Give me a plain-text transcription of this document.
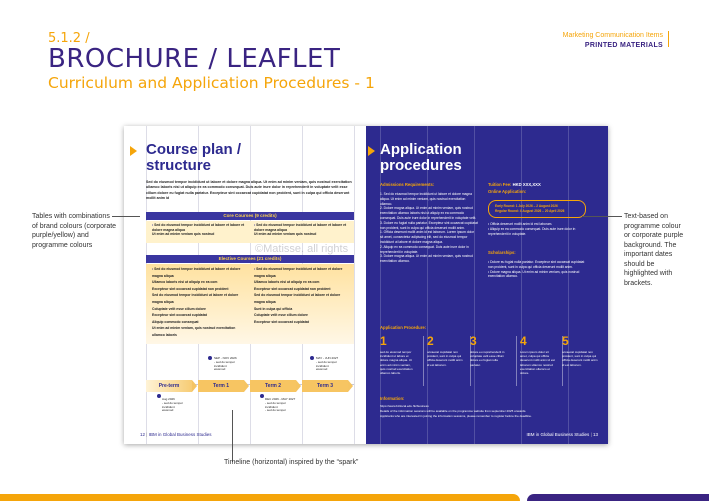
5.1.2 /
BROCHURE / LEAFLET
Curriculum and Application Procedures - 1
Marketing Communication Items
PRINTED MATERIALS
Course plan /
structure
Sed do eiusmod tempor incididunt ut labore et dolore magna aliqua. Ut enim ad minim veniam, quis nostrud exercitation ullamco laboris nisi ut aliquip ex ea commodo consequat. Duis aute irure dolor in reprehenderit in voluptate velit esse cillum dolore eu fugiat nulla pariatur. Excepteur sint occaecat cupidatat non proident, sunt in culpa qui officia deserunt mollit anim id
Core Courses (9 credits)
• Sed do eiusmod tempor incididunt ut labore et labore et dolore magna aliqua
Ut enim ad minim veniam quis nostrud
• Sed do eiusmod tempor incididunt ut labore et labore et dolore magna aliqua
Ut enim ad minim veniam quis nostrud
Elective Courses (21 credits)
• Sed do eiusmod tempor incididunt ut labore et dolore magna aliqua
Ullamco laboris nisi ut aliquip ex ea com
Excepteur sint occaecat cupidatat non proident
Sed do eiusmod tempor incididunt ut labore et dolore magna aliqua
Coluptate velit esse cillum dolore
Excepteur sint occaecat cupidatat
Aliquip commodo consequat
Ut enim ad minim veniam, quis nostrud exercitation ullamco laboris
• Sed do eiusmod tempor incididunt ut labore et dolore magna aliqua
Ullamco laboris nisi ut aliquip ex ea com
Excepteur sint occaecat cupidatat non proident
Sed do eiusmod tempor incididunt ut labore et dolore magna aliqua
Sunt in culpa qui officia
Coluptate velit esse cillum dolore
Excepteur sint occaecat cupidatat
SEP - NOV 2026
- sed do tempor
incididunt
eiusmod
MAY - JUN 2027
- sed do tempor
incididunt
eiusmod
Pre-term	Term 1	Term 2	Term 3
Aug 2026
- sed do tempor
incididunt
eiusmod
DEC 2026 - MAY 2027
- sed do tempor
incididunt
- sed do tempor
12 | IBM in Global Business Studies
Application
procedures
Admissions Requirements:
1. Sed do eiusmod tempor incididunt ut labore et dolore magna aliqua. Ut enim ad minim veniam, quis nostrud exercitation ullamco.
2. Dolore magna aliqua. Ut enim ad minim veniam, quis nostrud exercitation ullamco laboris nisi ut aliquip ex ea commodo consequat. Duis aute irure dolor in reprehenderit in voluptate velit.
3. Dolore eu fugiat nulla pariatur. Excepteur sint occaecat cupidatat non proident, sunt in culpa qui officia deserunt mollit anim.
1. Officia deserunt mollit anim id est laborum. Lorem ipsum dolor sit amet, consectetur adipiscing elit, sed do eiusmod tempor incididunt ut labore et dolore magna aliqua.
2. Aliquip ex ea commodo consequat. Duis aute irure dolor in reprehenderit in voluptate.
3. Dolore magna aliqua. Ut enim ad minim veniam, quis nostrud exercitation ullamco.
Tuition Fee: HKD XXX,XXX
Online Application:
Early Round: 1 July 2026 – 2 August 2026
Regular Round: 4 August 2026 – 20 April 2026
• Officia deserunt mollit anim id est laborum.
• Aliquip ex ea commodo consequat. Duis aute irure dolor in reprehenderit in voluptate.
Scholarships:
• Dolore eu fugiat nulla pariatur. Excepteur sint occaecat cupidatat non proident, sunt in culpa qui officia deserunt mollit anim.
• Dolore magna aliqua. Ut enim ad minim veniam, quis nostrud exercitation ullamco.
Application Procedure:
1
sed do eiusmod tempor incididunt ut labore et dolore magna aliqua. Ut enim ad minim veniam, quis nostrud exercitation ullamco laboris.
2
occaecat cupidatat non proident, sunt in culpa qui officia deserunt mollit anim id est laborum.
3
dolore eu reprehenderit in voluptate velit esse cillum dolore eu fugiat nulla pariatur.
4
Lorem ipsum dolor sit amet, culpa qui officia deserunt mollit anim id est laborum ullamco nostrud exercitation ullamco et dolore.
5
occaecat cupidatat non proident, sunt in culpa qui officia deserunt mollit anim id est laborum.
Information:
https://www.bizlocal.edu.hk/business
Details of the information sessions will be available on the programme website from september 2025 onwards.
Applicants who are interested in joining the information sessions, please remember to register before the deadline.
IBM in Global Business Studies | 13
©Matisse. all rights
Tables with combinations
of brand colours (corporate
purple/yellow) and
programme colours
Text-based on
programme colour
or corporate purple
background. The
important dates
should be
highlighted with
brackets.
Timeline (horizontal) inspired by the “spark”
